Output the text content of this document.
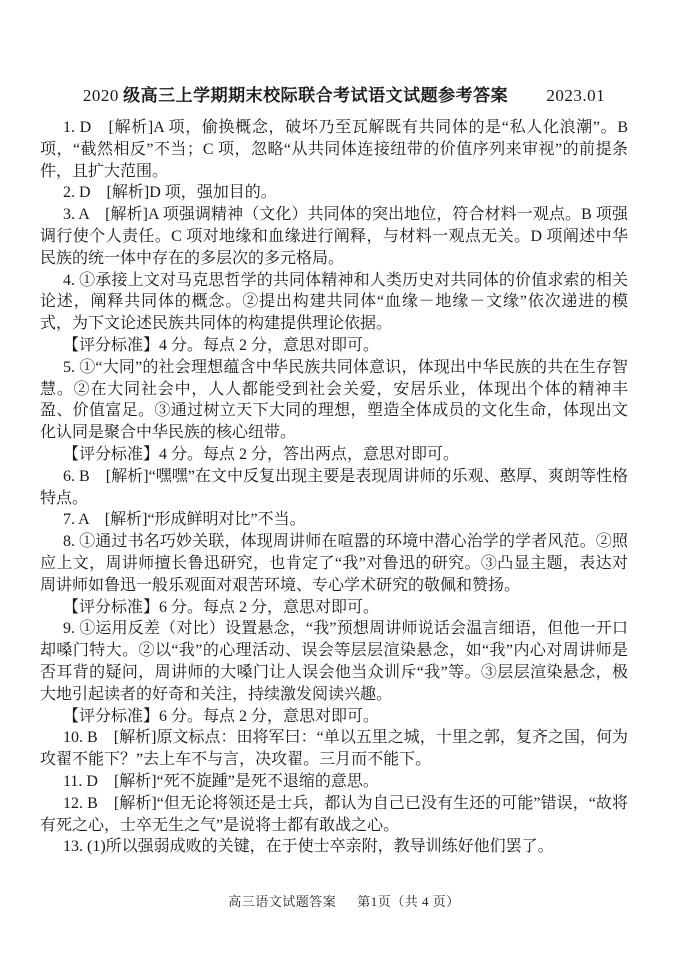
2020 级高三上学期期末校际联合考试语文试题参考答案 2023.01

1. D　[解析]A 项，偷换概念，破坏乃至瓦解既有共同体的是“私人化浪潮”。B 项，“截然相反”不当；C 项，忽略“从共同体连接纽带的价值序列来审视”的前提条件，且扩大范围。

2. D　[解析]D 项，强加目的。

3. A　[解析]A 项强调精神（文化）共同体的突出地位，符合材料一观点。B 项强调行使个人责任。C 项对地缘和血缘进行阐释，与材料一观点无关。D 项阐述中华民族的统一体中存在的多层次的多元格局。

4. ①承接上文对马克思哲学的共同体精神和人类历史对共同体的价值求索的相关论述，阐释共同体的概念。②提出构建共同体“血缘－地缘－文缘”依次递进的模式，为下文论述民族共同体的构建提供理论依据。

【评分标准】4 分。每点 2 分，意思对即可。

5. ①“大同”的社会理想蕴含中华民族共同体意识，体现出中华民族的共在生存智慧。②在大同社会中，人人都能受到社会关爱，安居乐业，体现出个体的精神丰盈、价值富足。③通过树立天下大同的理想，塑造全体成员的文化生命，体现出文化认同是聚合中华民族的核心纽带。

【评分标准】4 分。每点 2 分，答出两点，意思对即可。

6. B　[解析]“嘿嘿”在文中反复出现主要是表现周讲师的乐观、憨厚、爽朗等性格特点。

7. A　[解析]“形成鲜明对比”不当。

8. ①通过书名巧妙关联，体现周讲师在喧嚣的环境中潜心治学的学者风范。②照应上文，周讲师擅长鲁迅研究，也肯定了“我”对鲁迅的研究。③凸显主题，表达对周讲师如鲁迅一般乐观面对艰苦环境、专心学术研究的敬佩和赞扬。

【评分标准】6 分。每点 2 分，意思对即可。

9. ①运用反差（对比）设置悬念，“我”预想周讲师说话会温言细语，但他一开口却嗓门特大。②以“我”的心理活动、误会等层层渲染悬念，如“我”内心对周讲师是否耳背的疑问，周讲师的大嗓门让人误会他当众训斥“我”等。③层层渲染悬念，极大地引起读者的好奇和关注，持续激发阅读兴趣。

【评分标准】6 分。每点 2 分，意思对即可。

10. B　[解析]原文标点：田将军曰：“单以五里之城，十里之郭，复齐之国，何为攻翟不能下？”去上车不与言，决攻翟。三月而不能下。

11. D　[解析]“死不旋踵”是死不退缩的意思。

12. B　[解析]“但无论将领还是士兵，都认为自己已没有生还的可能”错误，“故将有死之心，士卒无生之气”是说将士都有敢战之心。

13. (1)所以强弱成败的关键，在于使士卒亲附，教导训练好他们罢了。

高三语文试题答案 　 第1页（共 4 页）
